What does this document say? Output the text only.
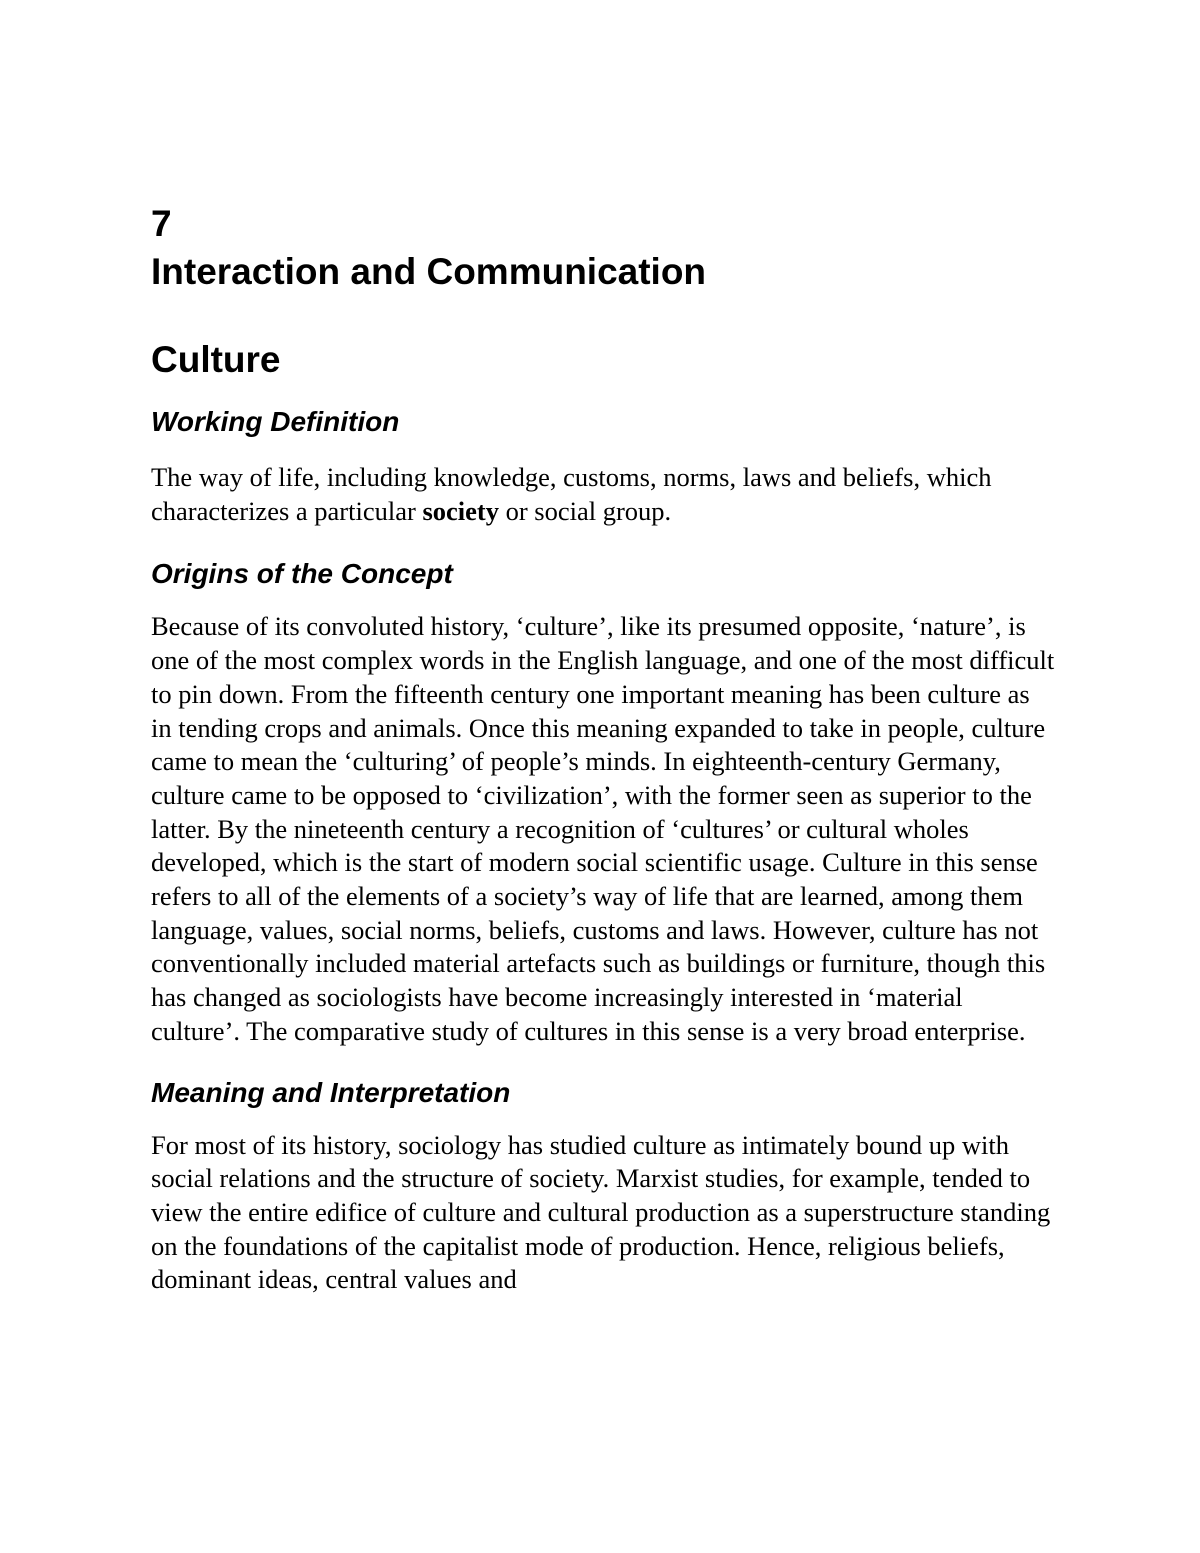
7
Interaction and Communication
Culture
Working Definition

The way of life, including knowledge, customs, norms, laws and beliefs, which characterizes a particular society or social group.

Origins of the Concept

Because of its convoluted history, ‘culture’, like its presumed opposite, ‘nature’, is one of the most complex words in the English language, and one of the most difficult to pin down. From the fifteenth century one important meaning has been culture as in tending crops and animals. Once this meaning expanded to take in people, culture came to mean the ‘culturing’ of people’s minds. In eighteenth-century Germany, culture came to be opposed to ‘civilization’, with the former seen as superior to the latter. By the nineteenth century a recognition of ‘cultures’ or cultural wholes developed, which is the start of modern social scientific usage. Culture in this sense refers to all of the elements of a society’s way of life that are learned, among them language, values, social norms, beliefs, customs and laws. However, culture has not conventionally included material artefacts such as buildings or furniture, though this has changed as sociologists have become increasingly interested in ‘material culture’. The comparative study of cultures in this sense is a very broad enterprise.

Meaning and Interpretation

For most of its history, sociology has studied culture as intimately bound up with social relations and the structure of society. Marxist studies, for example, tended to view the entire edifice of culture and cultural production as a superstructure standing on the foundations of the capitalist mode of production. Hence, religious beliefs, dominant ideas, central values and
